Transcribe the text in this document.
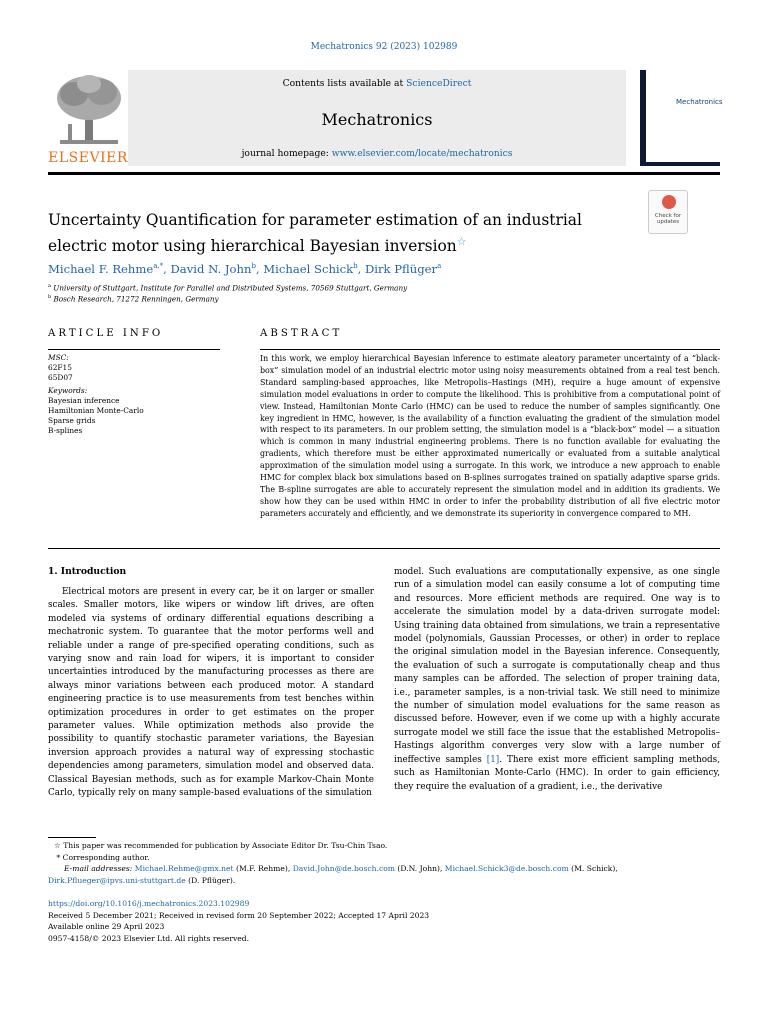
Mechatronics 92 (2023) 102989
ELSEVIER
Contents lists available at ScienceDirect
Mechatronics
journal homepage: www.elsevier.com/locate/mechatronics
Mechatronics
IFAC
Uncertainty Quantification for parameter estimation of an industrial electric motor using hierarchical Bayesian inversion☆
Check for updates
Michael F. Rehme$^{a,*}$, David N. John$^b$, Michael Schick$^b$, Dirk Pflüger$^a$
$^a$ University of Stuttgart, Institute for Parallel and Distributed Systems, 70569 Stuttgart, Germany
$^b$ Bosch Research, 71272 Renningen, Germany
ARTICLE INFO	ABSTRACT
MSC:
62F15
65D07
Keywords:
Bayesian inference
Hamiltonian Monte-Carlo
Sparse grids
B-splines
In this work, we employ hierarchical Bayesian inference to estimate aleatory parameter uncertainty of a “black-box” simulation model of an industrial electric motor using noisy measurements obtained from a real test bench. Standard sampling-based approaches, like Metropolis–Hastings (MH), require a huge amount of expensive simulation model evaluations in order to compute the likelihood. This is prohibitive from a computational point of view. Instead, Hamiltonian Monte Carlo (HMC) can be used to reduce the number of samples significantly. One key ingredient in HMC, however, is the availability of a function evaluating the gradient of the simulation model with respect to its parameters. In our problem setting, the simulation model is a “black-box” model — a situation which is common in many industrial engineering problems. There is no function available for evaluating the gradients, which therefore must be either approximated numerically or evaluated from a suitable analytical approximation of the simulation model using a surrogate. In this work, we introduce a new approach to enable HMC for complex black box simulations based on B-splines surrogates trained on spatially adaptive sparse grids. The B-spline surrogates are able to accurately represent the simulation model and in addition its gradients. We show how they can be used within HMC in order to infer the probability distribution of all five electric motor parameters accurately and efficiently, and we demonstrate its superiority in convergence compared to MH.
1. Introduction
Electrical motors are present in every car, be it on larger or smaller scales. Smaller motors, like wipers or window lift drives, are often modeled via systems of ordinary differential equations describing a mechatronic system. To guarantee that the motor performs well and reliable under a range of pre-specified operating conditions, such as varying snow and rain load for wipers, it is important to consider uncertainties introduced by the manufacturing processes as there are always minor variations between each produced motor. A standard engineering practice is to use measurements from test benches within optimization procedures in order to get estimates on the proper parameter values. While optimization methods also provide the possibility to quantify stochastic parameter variations, the Bayesian inversion approach provides a natural way of expressing stochastic dependencies among parameters, simulation model and observed data. Classical Bayesian methods, such as for example Markov-Chain Monte Carlo, typically rely on many sample-based evaluations of the simulation
model. Such evaluations are computationally expensive, as one single run of a simulation model can easily consume a lot of computing time and resources. More efficient methods are required. One way is to accelerate the simulation model by a data-driven surrogate model: Using training data obtained from simulations, we train a representative model (polynomials, Gaussian Processes, or other) in order to replace the original simulation model in the Bayesian inference. Consequently, the evaluation of such a surrogate is computationally cheap and thus many samples can be afforded. The selection of proper training data, i.e., parameter samples, is a non-trivial task. We still need to minimize the number of simulation model evaluations for the same reason as discussed before. However, even if we come up with a highly accurate surrogate model we still face the issue that the established Metropolis–Hastings algorithm converges very slow with a large number of ineffective samples [1]. There exist more efficient sampling methods, such as Hamiltonian Monte-Carlo (HMC). In order to gain efficiency, they require the evaluation of a gradient, i.e., the derivative
☆ This paper was recommended for publication by Associate Editor Dr. Tsu-Chin Tsao.
* Corresponding author.
E-mail addresses: Michael.Rehme@gmx.net (M.F. Rehme), David.John@de.bosch.com (D.N. John), Michael.Schick3@de.bosch.com (M. Schick),
Dirk.Pflueger@ipvs.uni-stuttgart.de (D. Pflüger).
https://doi.org/10.1016/j.mechatronics.2023.102989
Received 5 December 2021; Received in revised form 20 September 2022; Accepted 17 April 2023
Available online 29 April 2023
0957-4158/© 2023 Elsevier Ltd. All rights reserved.
